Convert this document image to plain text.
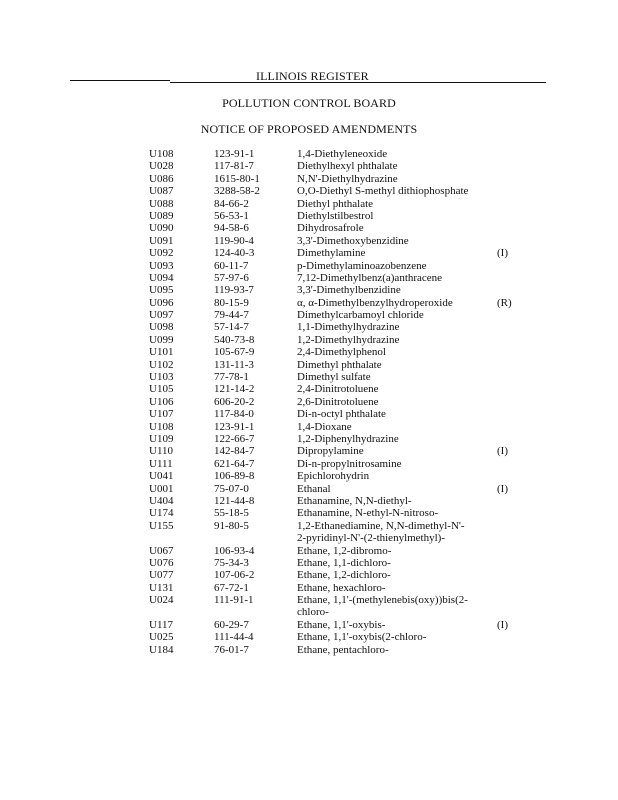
ILLINOIS REGISTER
POLLUTION CONTROL BOARD
NOTICE OF PROPOSED AMENDMENTS
U108	123-91-1	1,4-Diethyleneoxide
U028	117-81-7	Diethylhexyl phthalate
U086	1615-80-1	N,N'-Diethylhydrazine
U087	3288-58-2	O,O-Diethyl S-methyl dithiophosphate
U088	84-66-2	Diethyl phthalate
U089	56-53-1	Diethylstilbestrol
U090	94-58-6	Dihydrosafrole
U091	119-90-4	3,3'-Dimethoxybenzidine
U092	124-40-3	Dimethylamine	(I)
U093	60-11-7	p-Dimethylaminoazobenzene
U094	57-97-6	7,12-Dimethylbenz(a)anthracene
U095	119-93-7	3,3'-Dimethylbenzidine
U096	80-15-9	α, α-Dimethylbenzylhydroperoxide	(R)
U097	79-44-7	Dimethylcarbamoyl chloride
U098	57-14-7	1,1-Dimethylhydrazine
U099	540-73-8	1,2-Dimethylhydrazine
U101	105-67-9	2,4-Dimethylphenol
U102	131-11-3	Dimethyl phthalate
U103	77-78-1	Dimethyl sulfate
U105	121-14-2	2,4-Dinitrotoluene
U106	606-20-2	2,6-Dinitrotoluene
U107	117-84-0	Di-n-octyl phthalate
U108	123-91-1	1,4-Dioxane
U109	122-66-7	1,2-Diphenylhydrazine
U110	142-84-7	Dipropylamine	(I)
U111	621-64-7	Di-n-propylnitrosamine
U041	106-89-8	Epichlorohydrin
U001	75-07-0	Ethanal	(I)
U404	121-44-8	Ethanamine, N,N-diethyl-
U174	55-18-5	Ethanamine, N-ethyl-N-nitroso-
U155	91-80-5	1,2-Ethanediamine, N,N-dimethyl-N'-
2-pyridinyl-N'-(2-thienylmethyl)-
U067	106-93-4	Ethane, 1,2-dibromo-
U076	75-34-3	Ethane, 1,1-dichloro-
U077	107-06-2	Ethane, 1,2-dichloro-
U131	67-72-1	Ethane, hexachloro-
U024	111-91-1	Ethane, 1,1'-(methylenebis(oxy))bis(2-
chloro-
U117	60-29-7	Ethane, 1,1'-oxybis-	(I)
U025	111-44-4	Ethane, 1,1'-oxybis(2-chloro-
U184	76-01-7	Ethane, pentachloro-
